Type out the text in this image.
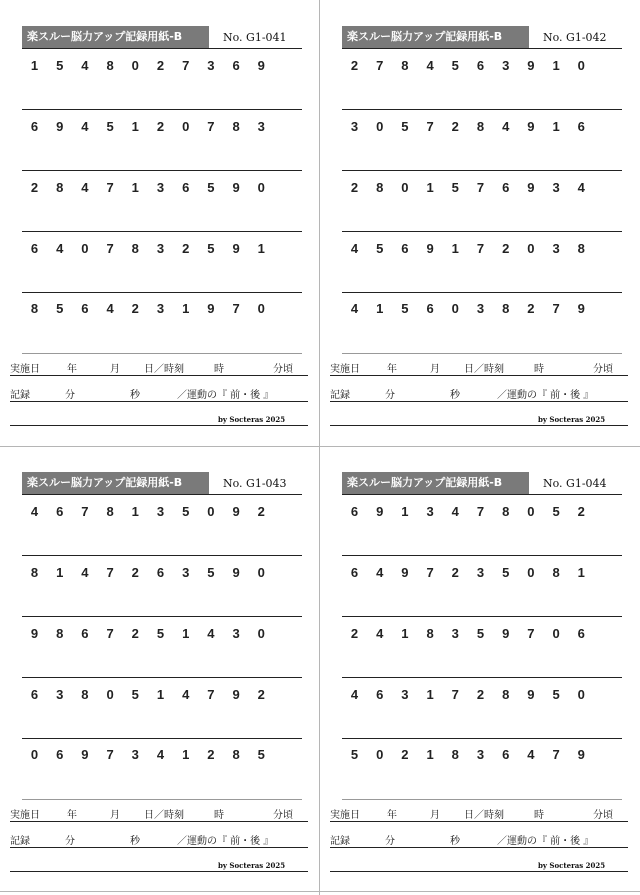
楽スルー脳力アップ記録用紙-B	No. G1-041
1	5	4	8	0	2	7	3	6	9
6	9	4	5	1	2	0	7	8	3
2	8	4	7	1	3	6	5	9	0
6	4	0	7	8	3	2	5	9	1
8	5	6	4	2	3	1	9	7	0
実施日	年	月 日／時刻	時	分頃
記録	分	秒	／運動の『 前・後 』
by Socteras 2025
楽スルー脳力アップ記録用紙-B	No. G1-042
2	7	8	4	5	6	3	9	1	0
3	0	5	7	2	8	4	9	1	6
2	8	0	1	5	7	6	9	3	4
4	5	6	9	1	7	2	0	3	8
4	1	5	6	0	3	8	2	7	9
実施日	年	月 日／時刻	時	分頃
記録	分	秒	／運動の『 前・後 』
by Socteras 2025
楽スルー脳力アップ記録用紙-B	No. G1-043
4	6	7	8	1	3	5	0	9	2
8	1	4	7	2	6	3	5	9	0
9	8	6	7	2	5	1	4	3	0
6	3	8	0	5	1	4	7	9	2
0	6	9	7	3	4	1	2	8	5
実施日	年	月 日／時刻	時	分頃
記録	分	秒	／運動の『 前・後 』
by Socteras 2025
楽スルー脳力アップ記録用紙-B	No. G1-044
6	9	1	3	4	7	8	0	5	2
6	4	9	7	2	3	5	0	8	1
2	4	1	8	3	5	9	7	0	6
4	6	3	1	7	2	8	9	5	0
5	0	2	1	8	3	6	4	7	9
実施日	年	月 日／時刻	時	分頃
記録	分	秒	／運動の『 前・後 』
by Socteras 2025
